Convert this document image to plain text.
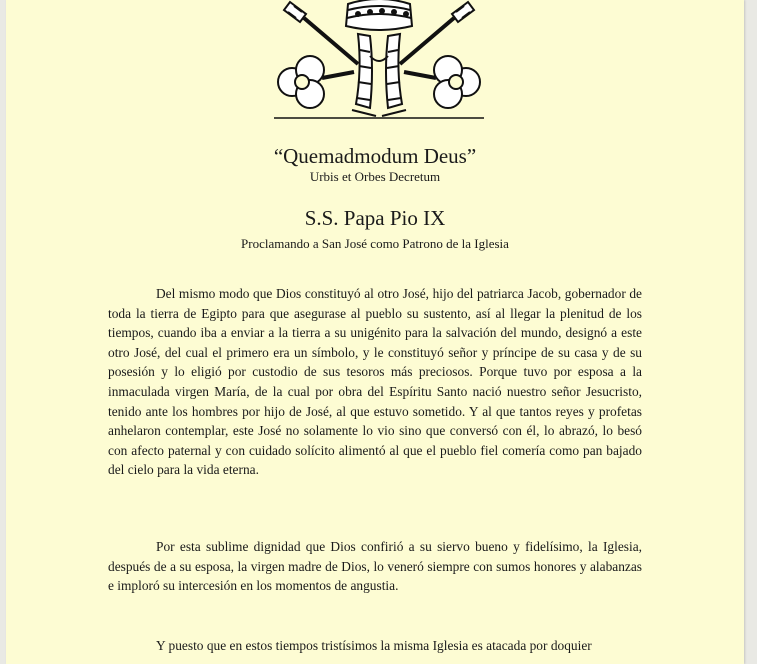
“Quemadmodum Deus”
Urbis et Orbes Decretum
S.S. Papa Pio IX
Proclamando a San José como Patrono de la Iglesia

Del mismo modo que Dios constituyó al otro José, hijo del patriarca Jacob, gobernador de toda la tierra de Egipto para que asegurase al pueblo su sustento, así al llegar la plenitud de los tiempos, cuando iba a enviar a la tierra a su unigénito para la salvación del mundo, designó a este otro José, del cual el primero era un símbolo, y le constituyó señor y príncipe de su casa y de su posesión y lo eligió por custodio de sus tesoros más preciosos. Porque tuvo por esposa a la inmaculada virgen María, de la cual por obra del Espíritu Santo nació nuestro señor Jesucristo, tenido ante los hombres por hijo de José, al que estuvo sometido. Y al que tantos reyes y profetas anhelaron contemplar, este José no solamente lo vio sino que conversó con él, lo abrazó, lo besó con afecto paternal y con cuidado solícito alimentó al que el pueblo fiel comería como pan bajado del cielo para la vida eterna.

Por esta sublime dignidad que Dios confirió a su siervo bueno y fidelísimo, la Iglesia, después de a su esposa, la virgen madre de Dios, lo veneró siempre con sumos honores y alabanzas e imploró su intercesión en los momentos de angustia.

Y puesto que en estos tiempos tristísimos la misma Iglesia es atacada por doquier
